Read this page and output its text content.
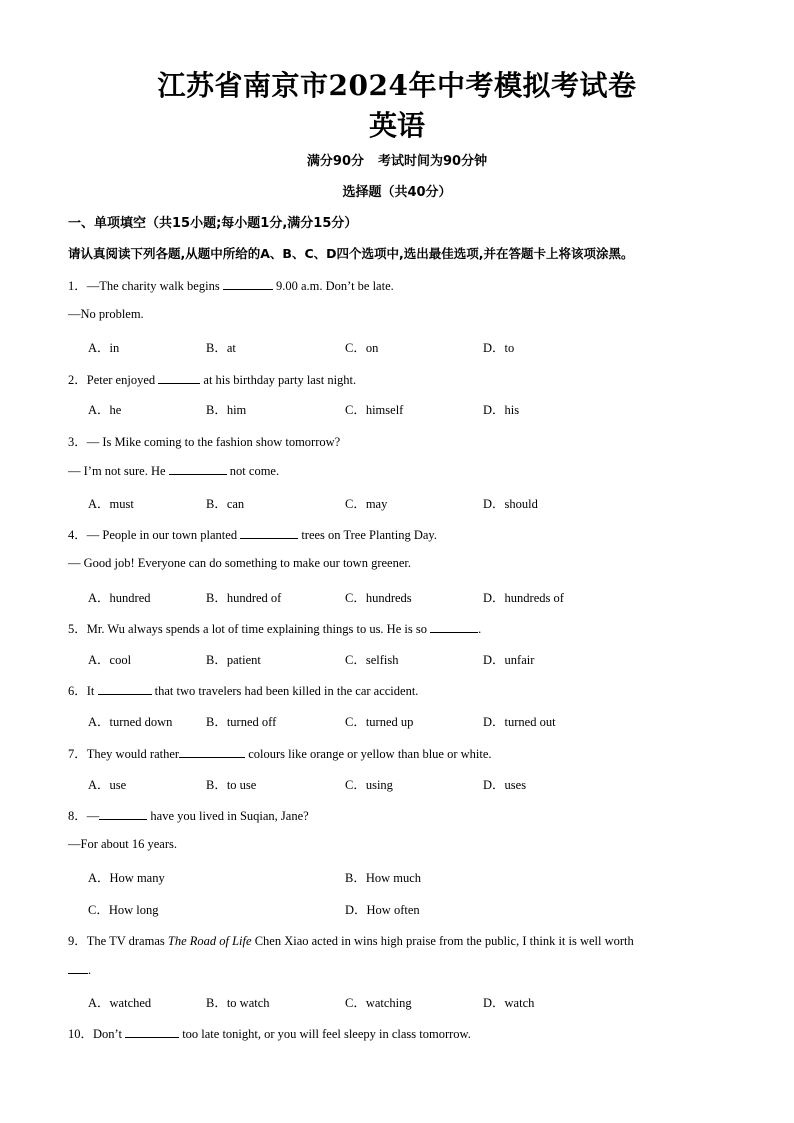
江苏省南京市2024年中考模拟考试卷
英语
满分90分 考试时间为90分钟
选择题（共40分）
一、单项填空（共15小题;每小题1分,满分15分）
请认真阅读下列各题,从题中所给的A、B、C、D四个选项中,选出最佳选项,并在答题卡上将该项涂黑。
1．—The charity walk begins	9.00 a.m. Don’t be late.
—No problem.
A．in	B．at	C．on	D．to
2．Peter enjoyed	at his birthday party last night.
A．he	B．him	C．himself	D．his
3．— Is Mike coming to the fashion show tomorrow?
— I’m not sure. He	not come.
A．must	B．can	C．may	D．should
4．— People in our town planted	trees on Tree Planting Day.
— Good job! Everyone can do something to make our town greener.
A．hundred	B．hundred of	C．hundreds	D．hundreds of
5．Mr. Wu always spends a lot of time explaining things to us. He is so	.
A．cool	B．patient	C．selfish	D．unfair
6．It	that two travelers had been killed in the car accident.
A．turned down	B．turned off	C．turned up	D．turned out
7．They would rather	colours like orange or yellow than blue or white.
A．use	B．to use	C．using	D．uses
8．—	have you lived in Suqian, Jane?
—For about 16 years.
A．How many	B．How much
C．How long	D．How often
9．The TV dramas The Road of Life Chen Xiao acted in wins high praise from the public, I think it is well worth
.
A．watched	B．to watch	C．watching	D．watch
10．Don’t	too late tonight, or you will feel sleepy in class tomorrow.
